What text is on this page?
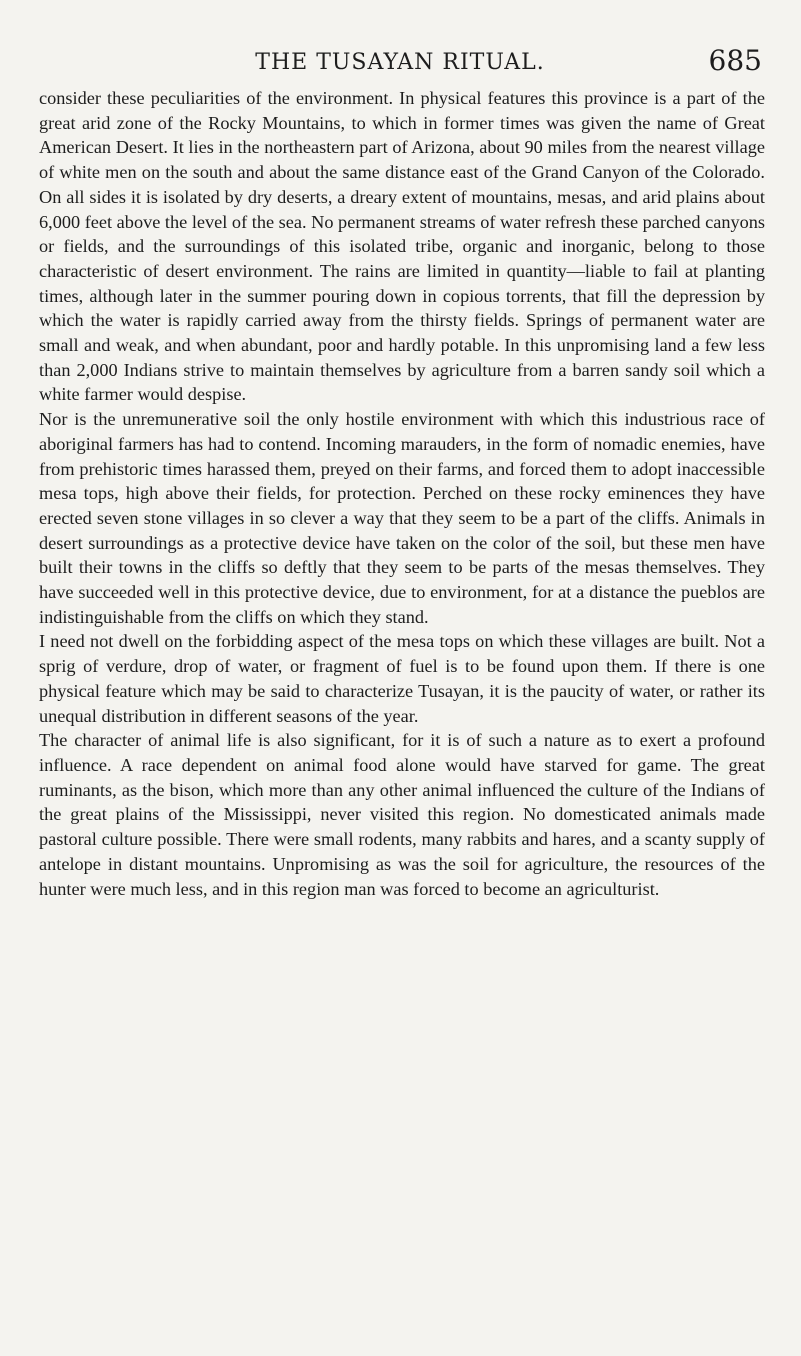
THE TUSAYAN RITUAL.	685

consider these peculiarities of the environment. In physical features this province is a part of the great arid zone of the Rocky Mountains, to which in former times was given the name of Great American Desert. It lies in the northeastern part of Arizona, about 90 miles from the nearest village of white men on the south and about the same distance east of the Grand Canyon of the Colorado. On all sides it is isolated by dry deserts, a dreary extent of mountains, mesas, and arid plains about 6,000 feet above the level of the sea. No permanent streams of water refresh these parched canyons or fields, and the surroundings of this isolated tribe, organic and inorganic, belong to those characteristic of desert environment. The rains are limited in quantity—liable to fail at planting times, although later in the summer pouring down in copious torrents, that fill the depression by which the water is rapidly carried away from the thirsty fields. Springs of permanent water are small and weak, and when abundant, poor and hardly potable. In this unpromising land a few less than 2,000 Indians strive to maintain themselves by agriculture from a barren sandy soil which a white farmer would despise.

Nor is the unremunerative soil the only hostile environment with which this industrious race of aboriginal farmers has had to contend. Incoming marauders, in the form of nomadic enemies, have from prehistoric times harassed them, preyed on their farms, and forced them to adopt inaccessible mesa tops, high above their fields, for protection. Perched on these rocky eminences they have erected seven stone villages in so clever a way that they seem to be a part of the cliffs. Animals in desert surroundings as a protective device have taken on the color of the soil, but these men have built their towns in the cliffs so deftly that they seem to be parts of the mesas themselves. They have succeeded well in this protective device, due to environment, for at a distance the pueblos are indistinguishable from the cliffs on which they stand.

I need not dwell on the forbidding aspect of the mesa tops on which these villages are built. Not a sprig of verdure, drop of water, or fragment of fuel is to be found upon them. If there is one physical feature which may be said to characterize Tusayan, it is the paucity of water, or rather its unequal distribution in different seasons of the year.

The character of animal life is also significant, for it is of such a nature as to exert a profound influence. A race dependent on animal food alone would have starved for game. The great ruminants, as the bison, which more than any other animal influenced the culture of the Indians of the great plains of the Mississippi, never visited this region. No domesticated animals made pastoral culture possible. There were small rodents, many rabbits and hares, and a scanty supply of antelope in distant mountains. Unpromising as was the soil for agriculture, the resources of the hunter were much less, and in this region man was forced to become an agriculturist.
